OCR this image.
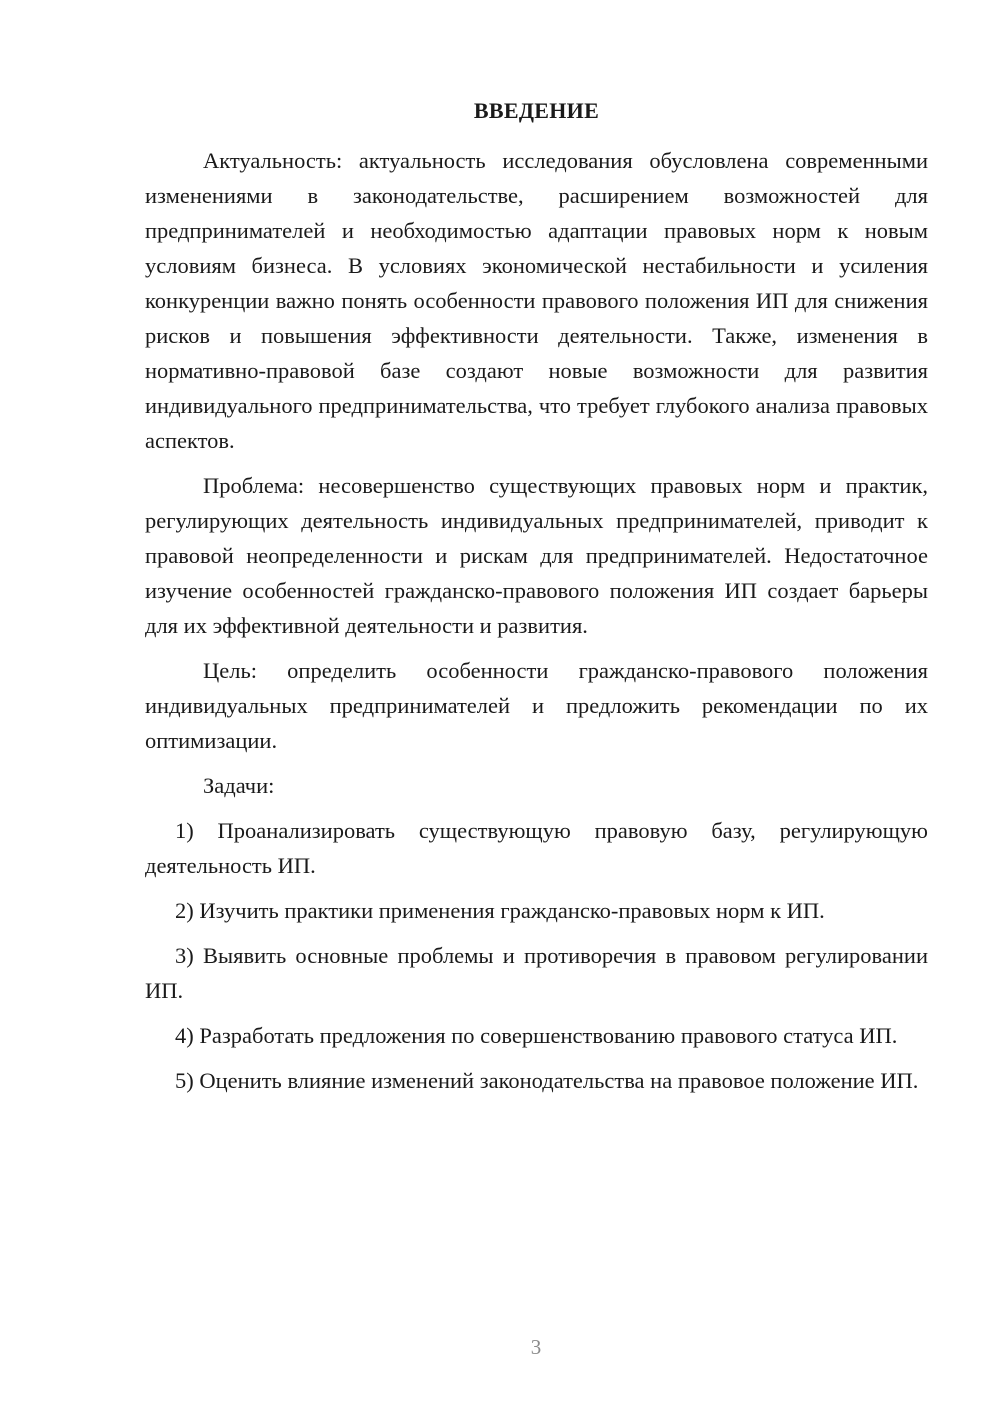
ВВЕДЕНИЕ

Актуальность: актуальность исследования обусловлена современными изменениями в законодательстве, расширением возможностей для предпринимателей и необходимостью адаптации правовых норм к новым условиям бизнеса. В условиях экономической нестабильности и усиления конкуренции важно понять особенности правового положения ИП для снижения рисков и повышения эффективности деятельности. Также, изменения в нормативно-правовой базе создают новые возможности для развития индивидуального предпринимательства, что требует глубокого анализа правовых аспектов.

Проблема: несовершенство существующих правовых норм и практик, регулирующих деятельность индивидуальных предпринимателей, приводит к правовой неопределенности и рискам для предпринимателей. Недостаточное изучение особенностей гражданско-правового положения ИП создает барьеры для их эффективной деятельности и развития.

Цель: определить особенности гражданско-правового положения индивидуальных предпринимателей и предложить рекомендации по их оптимизации.

Задачи:

1) Проанализировать существующую правовую базу, регулирующую деятельность ИП.

2) Изучить практики применения гражданско-правовых норм к ИП.

3) Выявить основные проблемы и противоречия в правовом регулировании ИП.

4) Разработать предложения по совершенствованию правового статуса ИП.

5) Оценить влияние изменений законодательства на правовое положение ИП.

3
